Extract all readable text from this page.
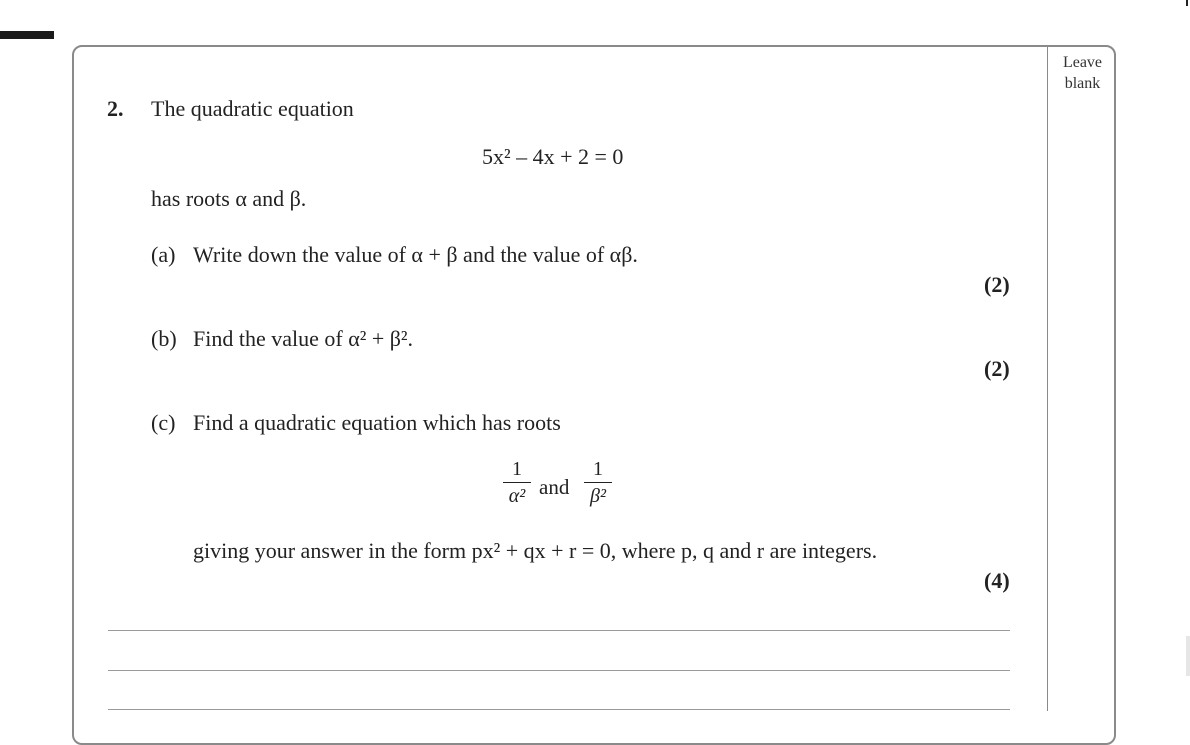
Leave
blank
2. The quadratic equation
5x² – 4x + 2 = 0
has roots α and β.
(a) Write down the value of α + β and the value of αβ.
(2)
(b) Find the value of α² + β².
(2)
(c) Find a quadratic equation which has roots
1
α² and
1
β²
giving your answer in the form px² + qx + r = 0, where p, q and r are integers.
(4)
